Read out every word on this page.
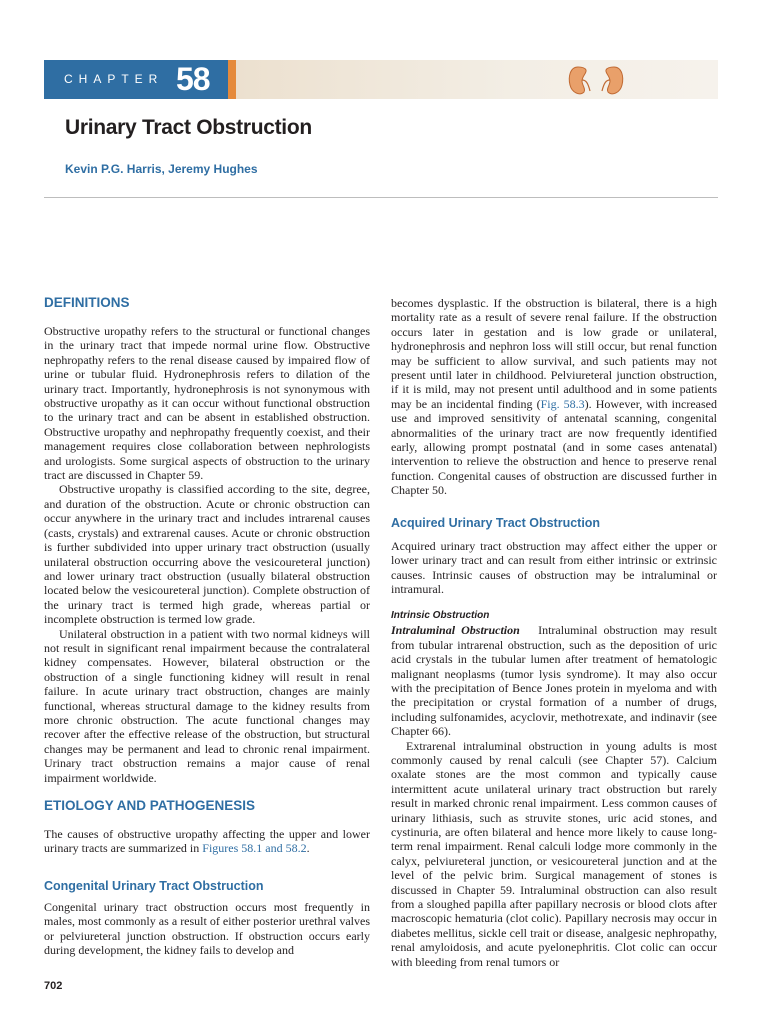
CHAPTER 58
Urinary Tract Obstruction
Kevin P.G. Harris, Jeremy Hughes
DEFINITIONS

Obstructive uropathy refers to the structural or functional changes in the urinary tract that impede normal urine flow. Obstructive nephropathy refers to the renal disease caused by impaired flow of urine or tubular fluid. Hydronephrosis refers to dilation of the urinary tract. Importantly, hydronephrosis is not synonymous with obstructive uropathy as it can occur without functional obstruction to the urinary tract and can be absent in established obstruction. Obstructive uropathy and nephropathy frequently coexist, and their management requires close collaboration between nephrologists and urologists. Some surgical aspects of obstruction to the urinary tract are discussed in Chapter 59.

Obstructive uropathy is classified according to the site, degree, and duration of the obstruction. Acute or chronic obstruction can occur anywhere in the urinary tract and includes intrarenal causes (casts, crystals) and extrarenal causes. Acute or chronic obstruction is further subdivided into upper urinary tract obstruction (usually unilateral obstruction occurring above the vesicoureteral junction) and lower urinary tract obstruction (usually bilateral obstruction located below the vesicoureteral junction). Complete obstruction of the urinary tract is termed high grade, whereas partial or incomplete obstruction is termed low grade.

Unilateral obstruction in a patient with two normal kidneys will not result in significant renal impairment because the contralateral kidney compensates. However, bilateral obstruction or the obstruction of a single functioning kidney will result in renal failure. In acute urinary tract obstruction, changes are mainly functional, whereas structural damage to the kidney results from more chronic obstruction. The acute functional changes may recover after the effective release of the obstruction, but structural changes may be permanent and lead to chronic renal impairment. Urinary tract obstruction remains a major cause of renal impairment worldwide.

ETIOLOGY AND PATHOGENESIS

The causes of obstructive uropathy affecting the upper and lower urinary tracts are summarized in Figures 58.1 and 58.2.

Congenital Urinary Tract Obstruction

Congenital urinary tract obstruction occurs most frequently in males, most commonly as a result of either posterior urethral valves or pelviureteral junction obstruction. If obstruction occurs early during development, the kidney fails to develop and

becomes dysplastic. If the obstruction is bilateral, there is a high mortality rate as a result of severe renal failure. If the obstruction occurs later in gestation and is low grade or unilateral, hydronephrosis and nephron loss will still occur, but renal function may be sufficient to allow survival, and such patients may not present until later in childhood. Pelviureteral junction obstruction, if it is mild, may not present until adulthood and in some patients may be an incidental finding (Fig. 58.3). However, with increased use and improved sensitivity of antenatal scanning, congenital abnormalities of the urinary tract are now frequently identified early, allowing prompt postnatal (and in some cases antenatal) intervention to relieve the obstruction and hence to preserve renal function. Congenital causes of obstruction are discussed further in Chapter 50.

Acquired Urinary Tract Obstruction

Acquired urinary tract obstruction may affect either the upper or lower urinary tract and can result from either intrinsic or extrinsic causes. Intrinsic causes of obstruction may be intraluminal or intramural.

Intrinsic Obstruction

Intraluminal Obstruction Intraluminal obstruction may result from tubular intrarenal obstruction, such as the deposition of uric acid crystals in the tubular lumen after treatment of hematologic malignant neoplasms (tumor lysis syndrome). It may also occur with the precipitation of Bence Jones protein in myeloma and with the precipitation or crystal formation of a number of drugs, including sulfonamides, acyclovir, methotrexate, and indinavir (see Chapter 66).

Extrarenal intraluminal obstruction in young adults is most commonly caused by renal calculi (see Chapter 57). Calcium oxalate stones are the most common and typically cause intermittent acute unilateral urinary tract obstruction but rarely result in marked chronic renal impairment. Less common causes of urinary lithiasis, such as struvite stones, uric acid stones, and cystinuria, are often bilateral and hence more likely to cause long-term renal impairment. Renal calculi lodge more commonly in the calyx, pelviureteral junction, or vesicoureteral junction and at the level of the pelvic brim. Surgical management of stones is discussed in Chapter 59. Intraluminal obstruction can also result from a sloughed papilla after papillary necrosis or blood clots after macroscopic hematuria (clot colic). Papillary necrosis may occur in diabetes mellitus, sickle cell trait or disease, analgesic nephropathy, renal amyloidosis, and acute pyelonephritis. Clot colic can occur with bleeding from renal tumors or

702
